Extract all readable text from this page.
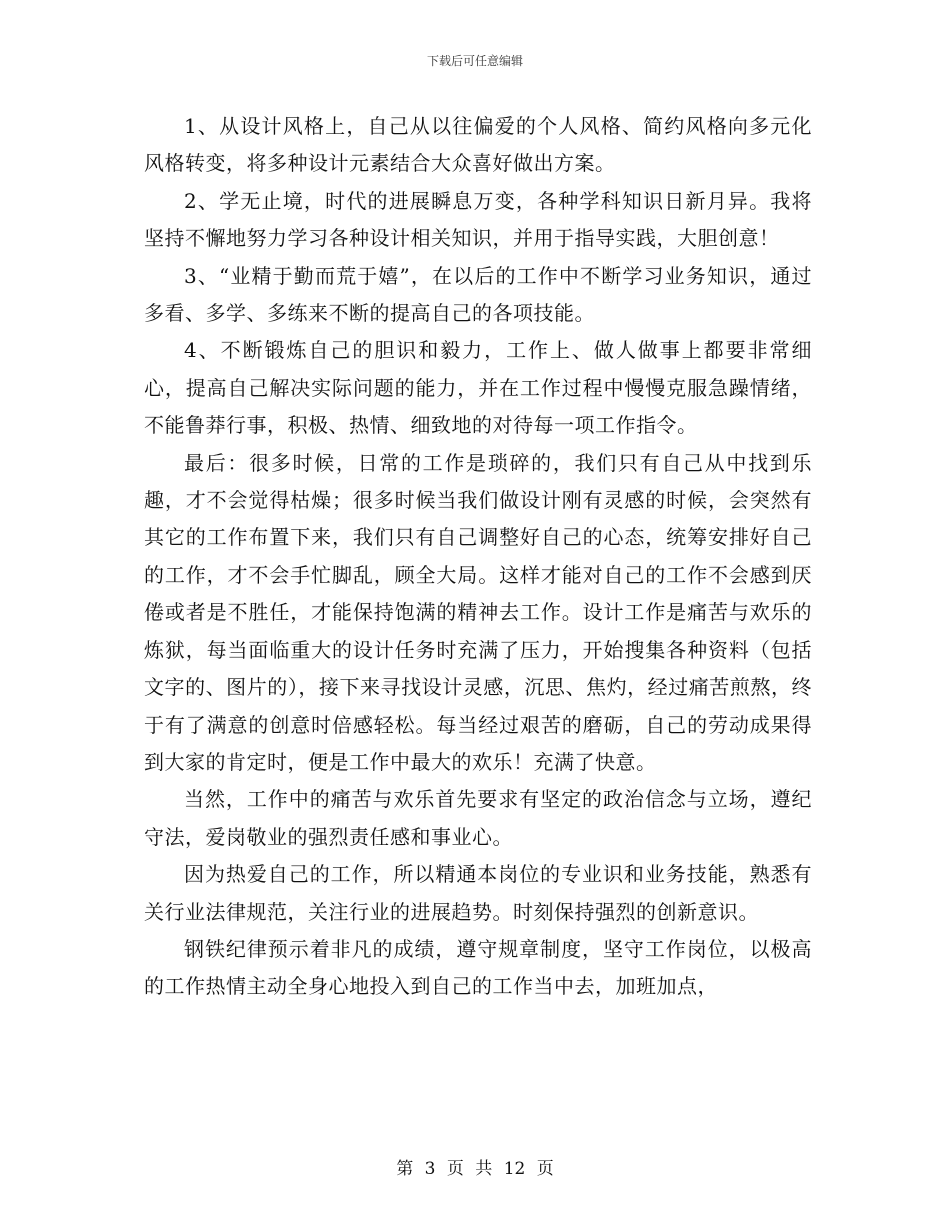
下载后可任意编辑

1、从设计风格上，自己从以往偏爱的个人风格、简约风格向多元化风格转变，将多种设计元素结合大众喜好做出方案。

2、学无止境，时代的进展瞬息万变，各种学科知识日新月异。我将坚持不懈地努力学习各种设计相关知识，并用于指导实践，大胆创意！

3、“业精于勤而荒于嬉”，在以后的工作中不断学习业务知识，通过多看、多学、多练来不断的提高自己的各项技能。

4、不断锻炼自己的胆识和毅力，工作上、做人做事上都要非常细心，提高自己解决实际问题的能力，并在工作过程中慢慢克服急躁情绪，不能鲁莽行事，积极、热情、细致地的对待每一项工作指令。

最后：很多时候，日常的工作是琐碎的，我们只有自己从中找到乐趣，才不会觉得枯燥；很多时候当我们做设计刚有灵感的时候，会突然有其它的工作布置下来，我们只有自己调整好自己的心态，统筹安排好自己的工作，才不会手忙脚乱，顾全大局。这样才能对自己的工作不会感到厌倦或者是不胜任，才能保持饱满的精神去工作。设计工作是痛苦与欢乐的炼狱，每当面临重大的设计任务时充满了压力，开始搜集各种资料（包括文字的、图片的），接下来寻找设计灵感，沉思、焦灼，经过痛苦煎熬，终于有了满意的创意时倍感轻松。每当经过艰苦的磨砺，自己的劳动成果得到大家的肯定时，便是工作中最大的欢乐！充满了快意。

当然，工作中的痛苦与欢乐首先要求有坚定的政治信念与立场，遵纪守法，爱岗敬业的强烈责任感和事业心。

因为热爱自己的工作，所以精通本岗位的专业识和业务技能，熟悉有关行业法律规范，关注行业的进展趋势。时刻保持强烈的创新意识。

钢铁纪律预示着非凡的成绩，遵守规章制度，坚守工作岗位，以极高的工作热情主动全身心地投入到自己的工作当中去，加班加点，

第 3 页 共 12 页
